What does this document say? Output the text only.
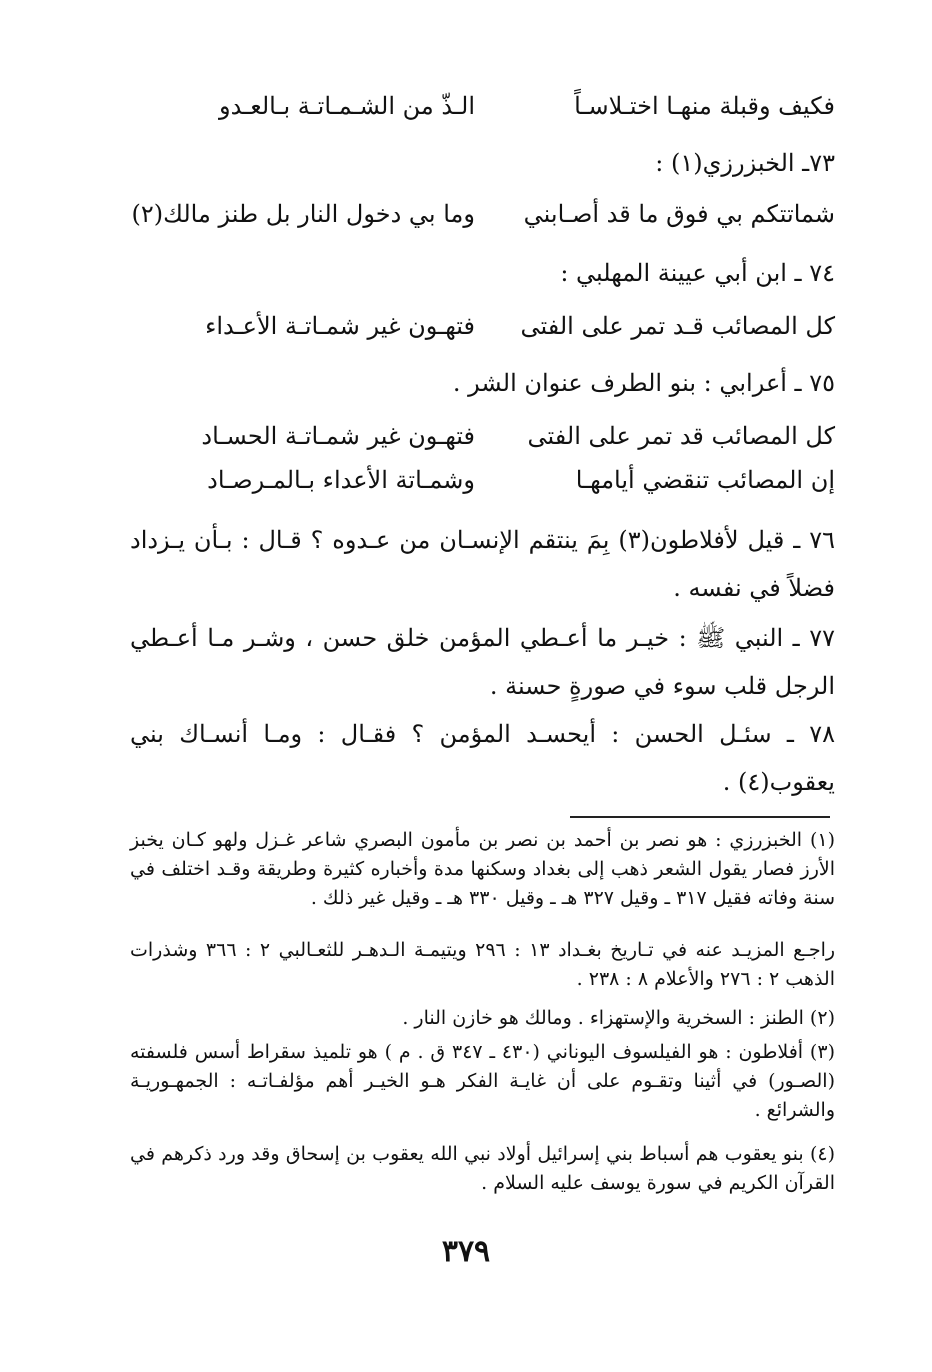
فكيف وقبلة منهـا اختـلاسـاً
الـذّ من الشـمـاتـة بـالعـدو
٧٣ـ الخبزرزي(١) :
شماتتكم بي فوق ما قد أصـابني
وما بي دخول النار بل طنز مالك(٢)
٧٤ ـ ابن أبي عيينة المهلبي :
كل المصائب قـد تمر على الفتى
فتهـون غير شمـاتـة الأعـداء
٧٥ ـ أعرابي : بنو الطرف عنوان الشر .
كل المصائب قد تمر على الفتى
فتهـون غير شمـاتـة الحسـاد
إن المصائب تنقضي أيامهـا
وشمـاتة الأعداء بـالمـرصـاد
٧٦ ـ قيل لأفلاطون(٣) بِمَ ينتقم الإنسـان من عـدوه ؟ قـال : بـأن يـزداد فضلاً في نفسه .
٧٧ ـ النبي ﷺ : خيـر ما أعـطي المؤمن خلق حسن ، وشـر مـا أعـطي الرجل قلب سوء في صورةٍ حسنة .
٧٨ ـ سئـل الحسن : أيحسـد المؤمن ؟ فقـال : ومـا أنسـاك بني يعقوب(٤) .
(١) الخبزرزي : هو نصر بن أحمد بن نصر بن مأمون البصري شاعر غـزل ولهو كـان يخبز الأرز فصار يقول الشعر ذهب إلى بغداد وسكنها مدة وأخباره كثيرة وطريقة وقـد اختلف في سنة وفاته فقيل ٣١٧ ـ وقيل ٣٢٧ هـ ـ وقيل ٣٣٠ هـ ـ وقيل غير ذلك .
راجـع المزيـد عنه في تـاريخ بغـداد ١٣ : ٢٩٦ ويتيمـة الـدهـر للثعـالبي ٢ : ٣٦٦ وشذرات الذهب ٢ : ٢٧٦ والأعلام ٨ : ٢٣٨ .
(٢) الطنز : السخرية والإستهزاء . ومالك هو خازن النار .
(٣) أفلاطون : هو الفيلسوف اليوناني (٤٣٠ ـ ٣٤٧ ق . م ) هو تلميذ سقراط أسس فلسفته (الصـور) في أثينا وتقـوم على أن غايـة الفكر هـو الخيـر أهم مؤلفـاتـه : الجمهـوريـة والشرائع .
(٤) بنو يعقوب هم أسباط بني إسرائيل أولاد نبي الله يعقوب بن إسحاق وقد ورد ذكرهم في القرآن الكريم في سورة يوسف عليه السلام .
٣٧٩
